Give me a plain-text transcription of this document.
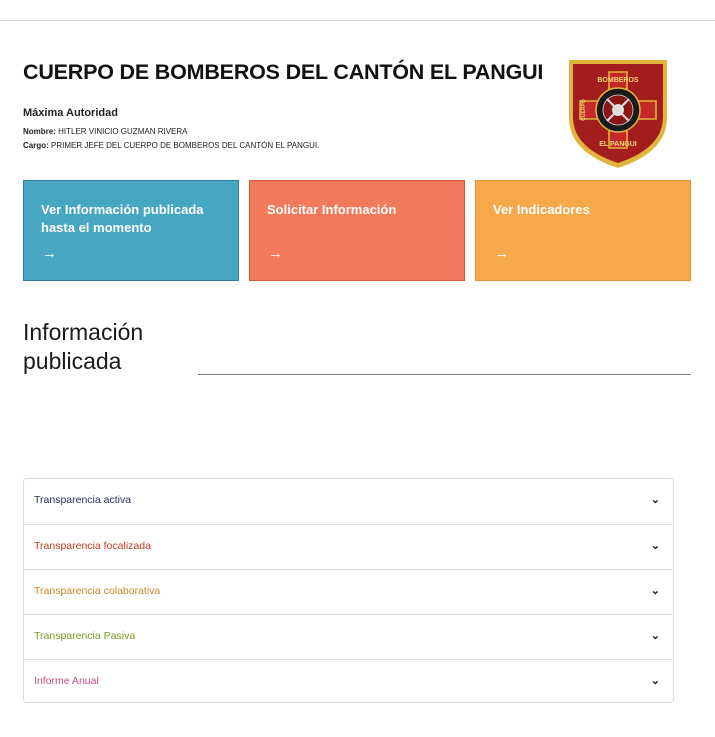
CUERPO DE BOMBEROS DEL CANTÓN EL PANGUI
Máxima Autoridad
Nombre: HITLER VINICIO GUZMAN RIVERA
Cargo: PRIMER JEFE DEL CUERPO DE BOMBEROS DEL CANTÓN EL PANGUI.
BOMBEROS
EL PANGUI
CUERPO
Ver Información publicada hasta el momento
→
Solicitar Información
→
Ver Indicadores
→
Información publicada
Transparencia activa	⌄
Transparencia focalizada	⌄
Transparencia colaborativa	⌄
Transparencia Pasiva	⌄
Informe Anual	⌄
